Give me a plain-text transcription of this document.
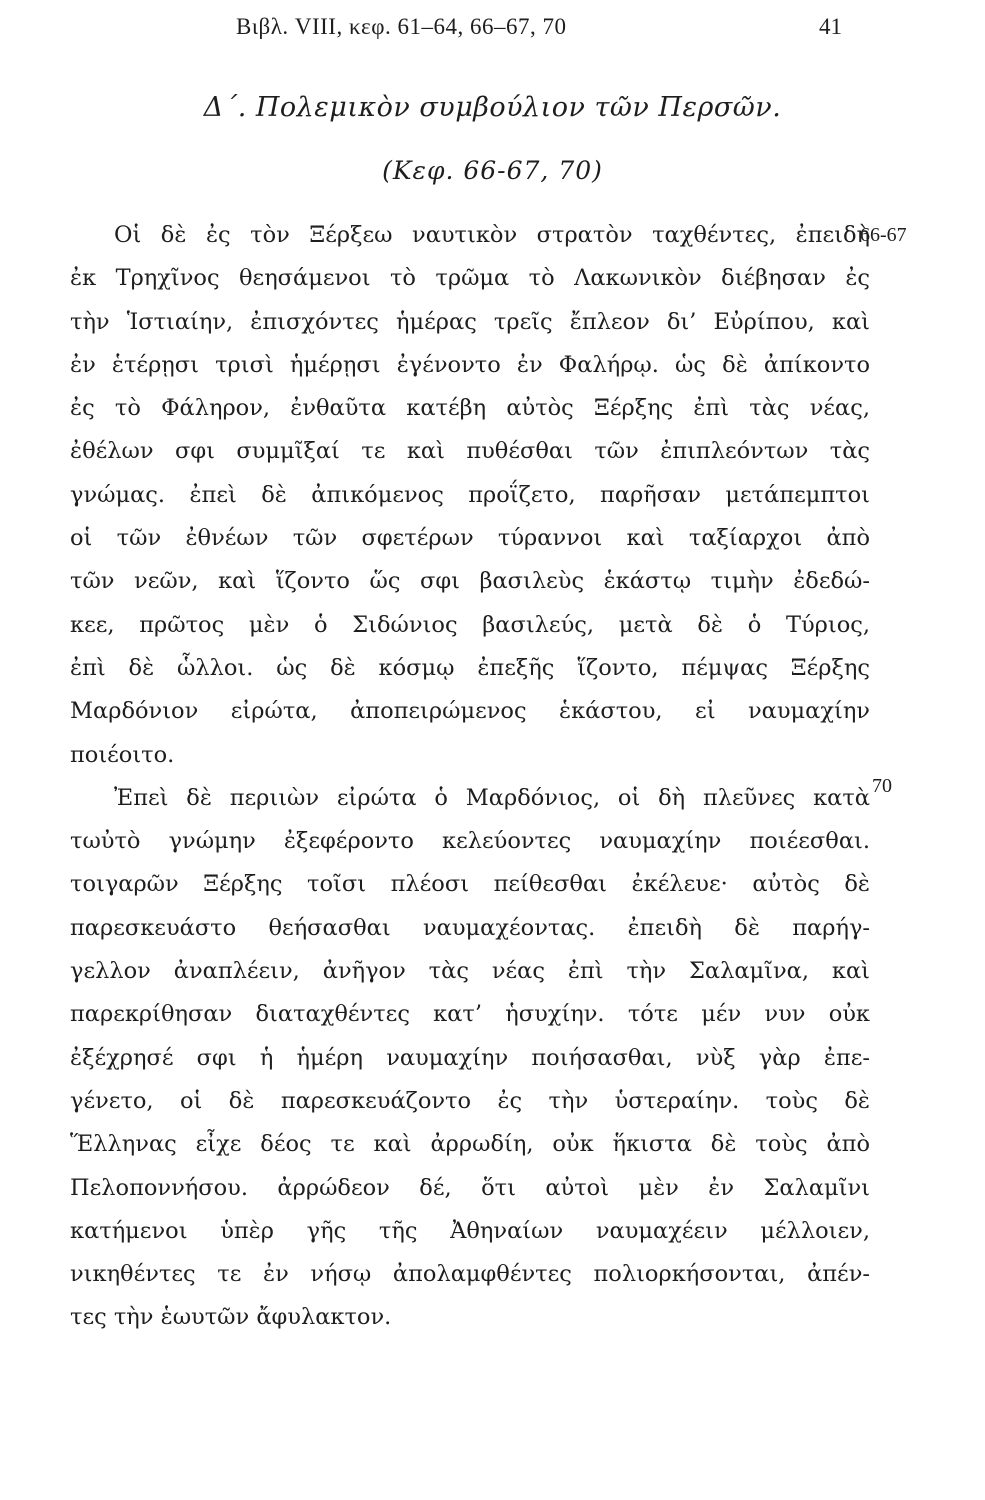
Βιβλ. VIII, κεφ. 61–64, 66–67, 70	41
Δ΄. Πολεμικὸν συμβούλιον τῶν Περσῶν.
(Κεφ. 66-67, 70)
66-67
70
Οἱ δὲ ἐς τὸν Ξέρξεω ναυτικὸν στρατὸν ταχθέντες, ἐπειδὴ
ἐκ Τρηχῖνος θεησάμενοι τὸ τρῶμα τὸ Λακωνικὸν διέβησαν ἐς
τὴν Ἱστιαίην, ἐπισχόντες ἡμέρας τρεῖς ἔπλεον δι’ Εὐρίπου, καὶ
ἐν ἑτέρῃσι τρισὶ ἡμέρῃσι ἐγένοντο ἐν Φαλήρῳ. ὡς δὲ ἀπίκοντο
ἐς τὸ Φάληρον, ἐνθαῦτα κατέβη αὐτὸς Ξέρξης ἐπὶ τὰς νέας,
ἐθέλων σφι συμμῖξαί τε καὶ πυθέσθαι τῶν ἐπιπλεόντων τὰς
γνώμας. ἐπεὶ δὲ ἀπικόμενος προΐζετο, παρῆσαν μετάπεμπτοι
οἱ τῶν ἐθνέων τῶν σφετέρων τύραννοι καὶ ταξίαρχοι ἀπὸ
τῶν νεῶν, καὶ ἵζοντο ὥς σφι βασιλεὺς ἑκάστῳ τιμὴν ἐδεδώ-
κεε, πρῶτος μὲν ὁ Σιδώνιος βασιλεύς, μετὰ δὲ ὁ Τύριος,
ἐπὶ δὲ ὧλλοι. ὡς δὲ κόσμῳ ἐπεξῆς ἵζοντο, πέμψας Ξέρξης
Μαρδόνιον εἰρώτα, ἀποπειρώμενος ἑκάστου, εἰ ναυμαχίην
ποιέοιτο.
Ἐπεὶ δὲ περιιὼν εἰρώτα ὁ Μαρδόνιος, οἱ δὴ πλεῦνες κατὰ
τωὐτὸ γνώμην ἐξεφέροντο κελεύοντες ναυμαχίην ποιέεσθαι.
τοιγαρῶν Ξέρξης τοῖσι πλέοσι πείθεσθαι ἐκέλευε· αὐτὸς δὲ
παρεσκευάστο θεήσασθαι ναυμαχέοντας. ἐπειδὴ δὲ παρήγ-
γελλον ἀναπλέειν, ἀνῆγον τὰς νέας ἐπὶ τὴν Σαλαμῖνα, καὶ
παρεκρίθησαν διαταχθέντες κατ’ ἡσυχίην. τότε μέν νυν οὐκ
ἐξέχρησέ σφι ἡ ἡμέρη ναυμαχίην ποιήσασθαι, νὺξ γὰρ ἐπε-
γένετο, οἱ δὲ παρεσκευάζοντο ἐς τὴν ὑστεραίην. τοὺς δὲ
Ἕλληνας εἶχε δέος τε καὶ ἀρρωδίη, οὐκ ἥκιστα δὲ τοὺς ἀπὸ
Πελοποννήσου. ἀρρώδεον δέ, ὅτι αὐτοὶ μὲν ἐν Σαλαμῖνι
κατήμενοι ὑπὲρ γῆς τῆς Ἀθηναίων ναυμαχέειν μέλλοιεν,
νικηθέντες τε ἐν νήσῳ ἀπολαμφθέντες πολιορκήσονται, ἀπέν-
τες τὴν ἑωυτῶν ἄφυλακτον.
